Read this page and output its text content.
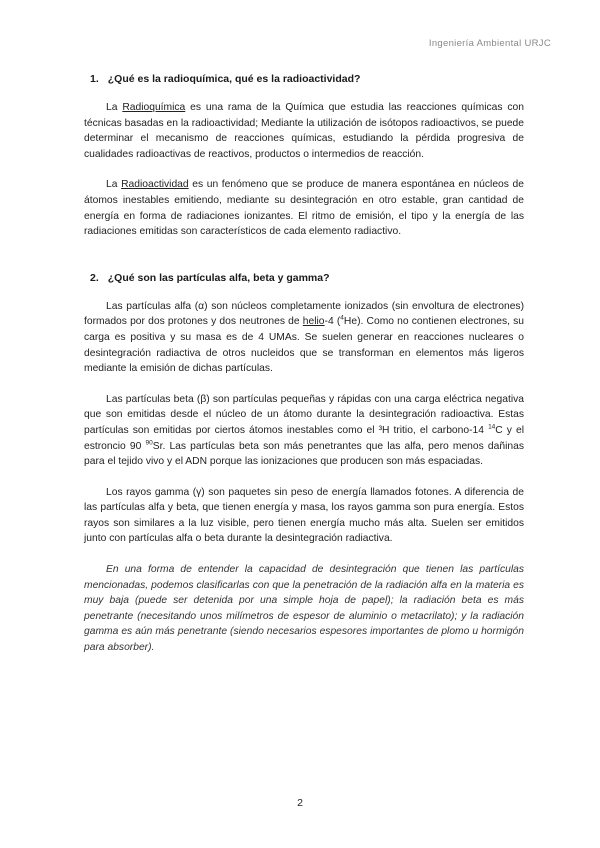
Ingeniería Ambiental URJC
1. ¿Qué es la radioquímica, qué es la radioactividad?

La Radioquímica es una rama de la Química que estudia las reacciones químicas con técnicas basadas en la radioactividad; Mediante la utilización de isótopos radioactivos, se puede determinar el mecanismo de reacciones químicas, estudiando la pérdida progresiva de cualidades radioactivas de reactivos, productos o intermedios de reacción.

La Radioactividad es un fenómeno que se produce de manera espontánea en núcleos de átomos inestables emitiendo, mediante su desintegración en otro estable, gran cantidad de energía en forma de radiaciones ionizantes. El ritmo de emisión, el tipo y la energía de las radiaciones emitidas son característicos de cada elemento radiactivo.

2. ¿Qué son las partículas alfa, beta y gamma?

Las partículas alfa (α) son núcleos completamente ionizados (sin envoltura de electrones) formados por dos protones y dos neutrones de helio-4 ($^4$He). Como no contienen electrones, su carga es positiva y su masa es de 4 UMAs. Se suelen generar en reacciones nucleares o desintegración radiactiva de otros nucleidos que se transforman en elementos más ligeros mediante la emisión de dichas partículas.

Las partículas beta (β) son partículas pequeñas y rápidas con una carga eléctrica negativa que son emitidas desde el núcleo de un átomo durante la desintegración radioactiva. Estas partículas son emitidas por ciertos átomos inestables como el ³H tritio, el carbono-14 $^{14}$C y el estroncio 90 $^{90}$Sr. Las partículas beta son más penetrantes que las alfa, pero menos dañinas para el tejido vivo y el ADN porque las ionizaciones que producen son más espaciadas.

Los rayos gamma (γ) son paquetes sin peso de energía llamados fotones. A diferencia de las partículas alfa y beta, que tienen energía y masa, los rayos gamma son pura energía. Estos rayos son similares a la luz visible, pero tienen energía mucho más alta. Suelen ser emitidos junto con partículas alfa o beta durante la desintegración radiactiva.

En una forma de entender la capacidad de desintegración que tienen las partículas mencionadas, podemos clasificarlas con que la penetración de la radiación alfa en la materia es muy baja (puede ser detenida por una simple hoja de papel); la radiación beta es más penetrante (necesitando unos milímetros de espesor de aluminio o metacrilato); y la radiación gamma es aún más penetrante (siendo necesarios espesores importantes de plomo u hormigón para absorber).

2
